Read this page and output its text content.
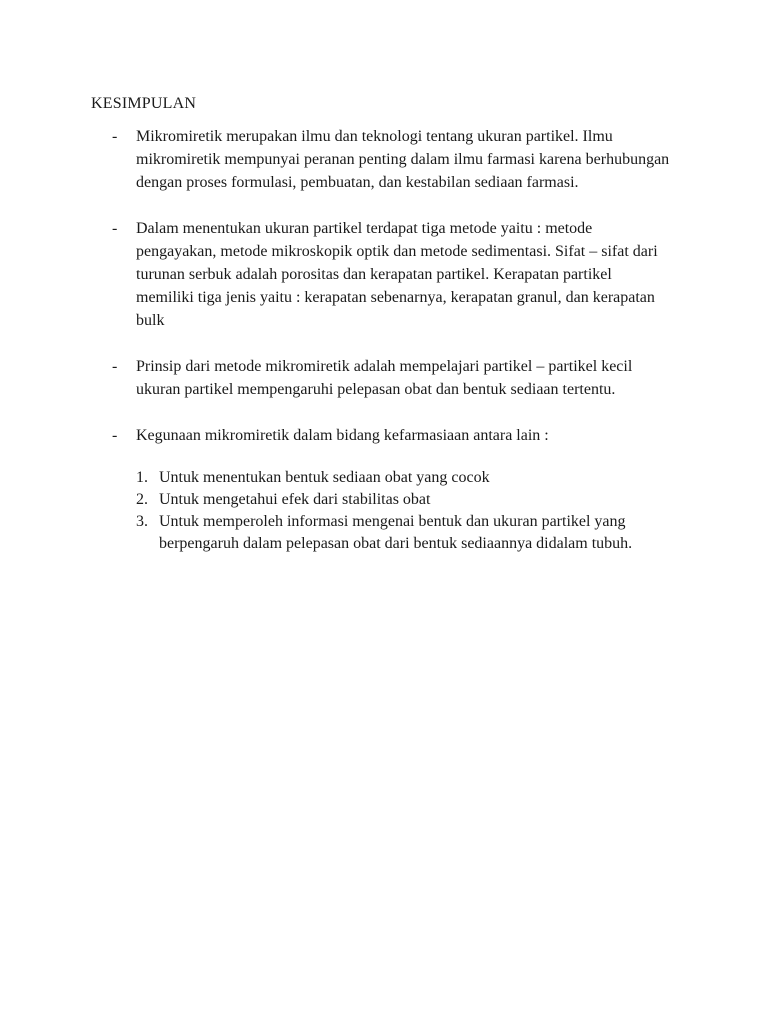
KESIMPULAN
- Mikromiretik merupakan ilmu dan teknologi tentang ukuran partikel. Ilmu mikromiretik mempunyai peranan penting dalam ilmu farmasi karena berhubungan dengan proses formulasi, pembuatan, dan kestabilan sediaan farmasi.
- Dalam menentukan ukuran partikel terdapat tiga metode yaitu : metode pengayakan, metode mikroskopik optik dan metode sedimentasi. Sifat – sifat dari turunan serbuk adalah porositas dan kerapatan partikel. Kerapatan partikel memiliki tiga jenis yaitu : kerapatan sebenarnya, kerapatan granul, dan kerapatan bulk
- Prinsip dari metode mikromiretik adalah mempelajari partikel – partikel kecil ukuran partikel mempengaruhi pelepasan obat dan bentuk sediaan tertentu.
- Kegunaan mikromiretik dalam bidang kefarmasiaan antara lain :
1. Untuk menentukan bentuk sediaan obat yang cocok
2. Untuk mengetahui efek dari stabilitas obat
3. Untuk memperoleh informasi mengenai bentuk dan ukuran partikel yang berpengaruh dalam pelepasan obat dari bentuk sediaannya didalam tubuh.
